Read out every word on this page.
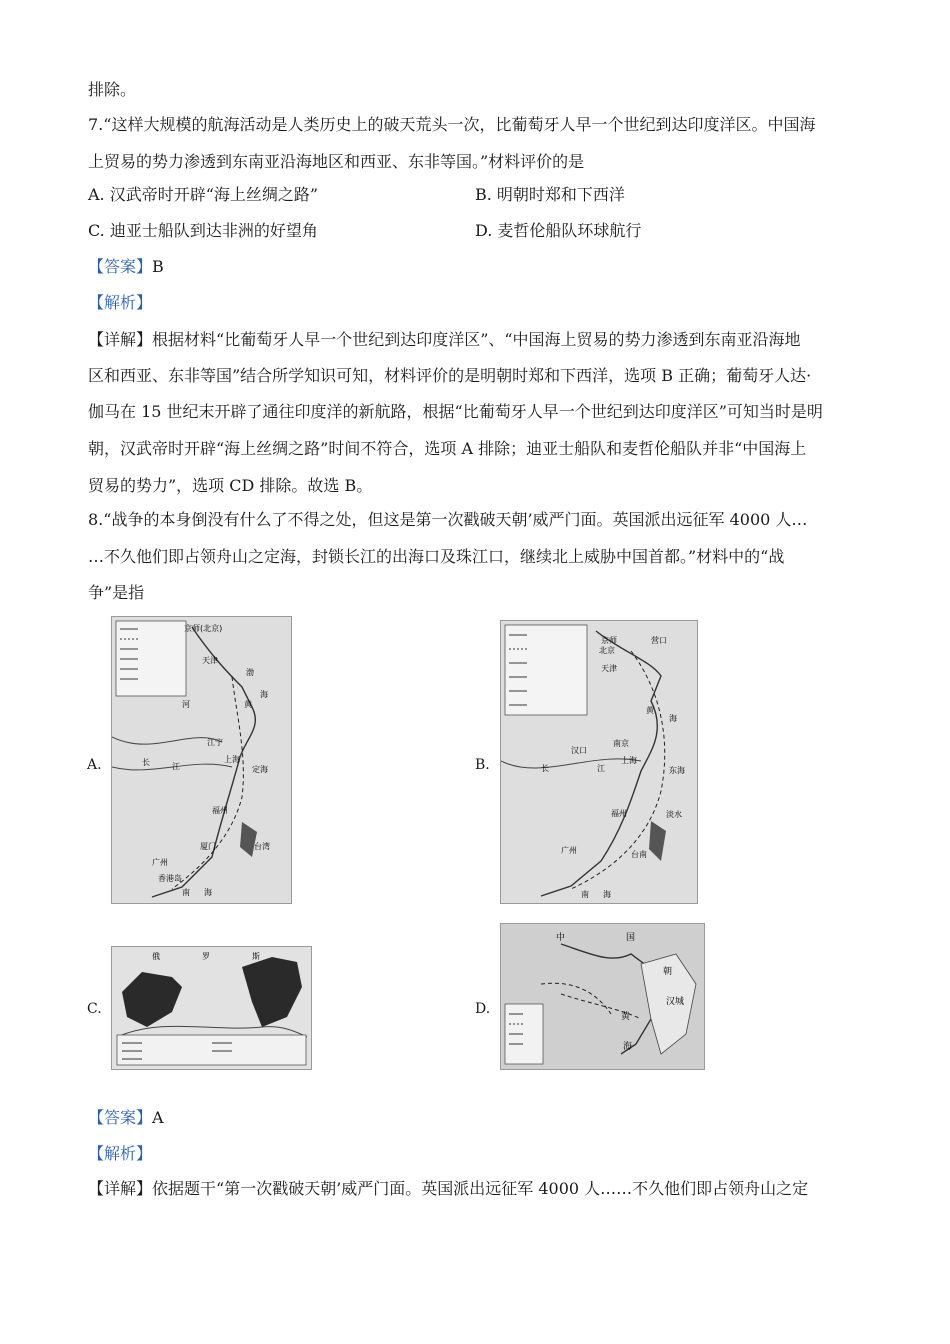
排除。
7.“这样大规模的航海活动是人类历史上的破天荒头一次，比葡萄牙人早一个世纪到达印度洋区。中国海
上贸易的势力渗透到东南亚沿海地区和西亚、东非等国。”材料评价的是
A. 汉武帝时开辟“海上丝绸之路”	B. 明朝时郑和下西洋
C. 迪亚士船队到达非洲的好望角	D. 麦哲伦船队环球航行
【答案】B
【解析】
【详解】根据材料“比葡萄牙人早一个世纪到达印度洋区”、“中国海上贸易的势力渗透到东南亚沿海地
区和西亚、东非等国”结合所学知识可知，材料评价的是明朝时郑和下西洋，选项 B 正确；葡萄牙人达·
伽马在 15 世纪末开辟了通往印度洋的新航路，根据“比葡萄牙人早一个世纪到达印度洋区”可知当时是明
朝，汉武帝时开辟“海上丝绸之路”时间不符合，选项 A 排除；迪亚士船队和麦哲伦船队并非“中国海上
贸易的势力”，选项 CD 排除。故选 B。
8.“战争的本身倒没有什么了不得之处，但这是第一次戳破天朝’威严门面。英国派出远征军 4000 人…
…不久他们即占领舟山之定海，封锁长江的出海口及珠江口，继续北上威胁中国首都。”材料中的“战
争”是指
A.	B.
C.	D.
京师(北京)
天津
渤
黄
海
河
江宁
上海
定海
长	江
福州
台湾
厦门
广州
香港岛
南 海
京师
北京
天津
营口
黄
海
南京
上海
东海
汉口
长	江
福州	淡水
台南
广州
南 海
俄	罗	斯
中	国
朝
黄
海
汉城
【答案】A
【解析】
【详解】依据题干“第一次戳破天朝’威严门面。英国派出远征军 4000 人……不久他们即占领舟山之定
